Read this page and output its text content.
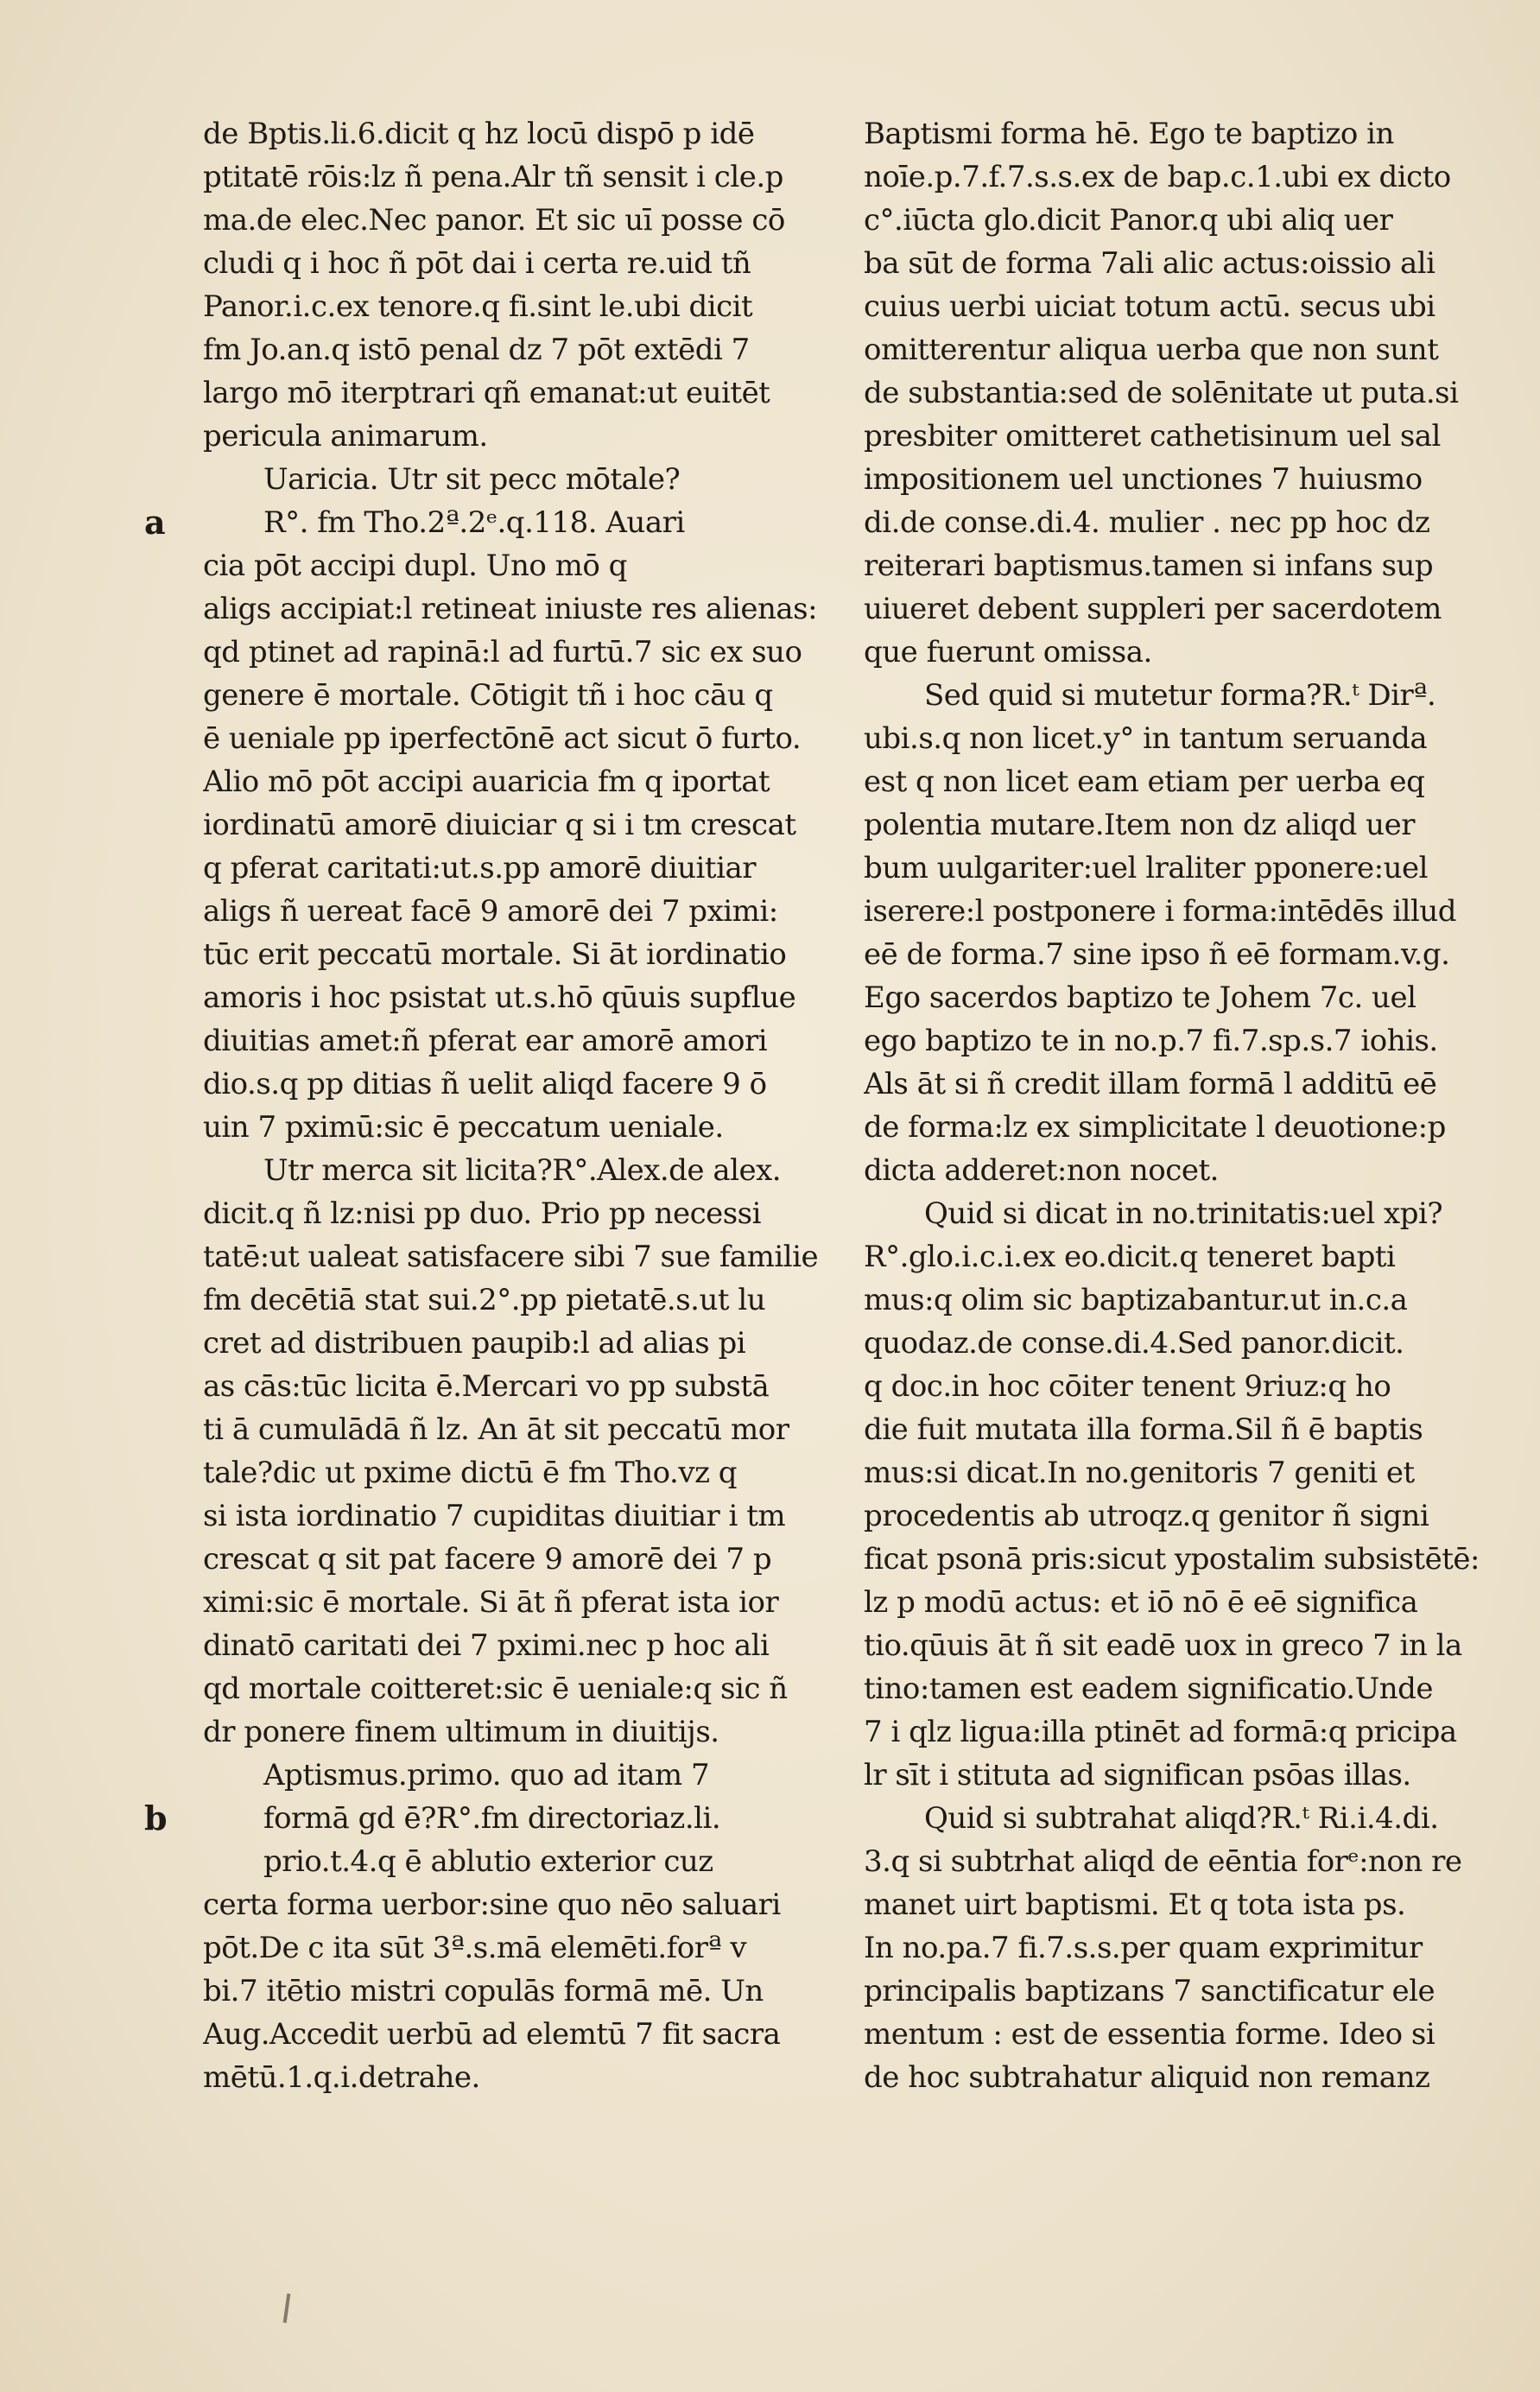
a
b
de Bptis.li.6.dicit q hz locū dispō p idē
ptitatē rōis:lz ñ pena.Alr tñ sensit i cle.p
ma.de elec.Nec panor. Et sic uī posse cō
cludi q i hoc ñ pōt dai i certa re.uid tñ
Panor.i.c.ex tenore.q fi.sint le.ubi dicit
fm Jo.an.q istō penal dz 7 pōt extēdi 7
largo mō iterptrari qñ emanat:ut euitēt
pericula animarum.
Uaricia. Utr sit pecc mōtale?
R°. fm Tho.2ª.2ᵉ.q.118. Auari
cia pōt accipi dupl. Uno mō q
aligs accipiat:l retineat iniuste res alienas:
qd ptinet ad rapinā:l ad furtū.7 sic ex suo
genere ē mortale. Cōtigit tñ i hoc cāu q
ē ueniale pp iperfectōnē act sicut ō furto.
Alio mō pōt accipi auaricia fm q iportat
iordinatū amorē diuiciar q si i tm crescat
q pferat caritati:ut.s.pp amorē diuitiar
aligs ñ uereat facē 9 amorē dei 7 pximi:
tūc erit peccatū mortale. Si āt iordinatio
amoris i hoc psistat ut.s.hō qūuis supflue
diuitias amet:ñ pferat ear amorē amori
dio.s.q pp ditias ñ uelit aliqd facere 9 ō
uin 7 pximū:sic ē peccatum ueniale.
Utr merca sit licita?R°.Alex.de alex.
dicit.q ñ lz:nisi pp duo. Prio pp necessi
tatē:ut ualeat satisfacere sibi 7 sue familie
fm decētiā stat sui.2°.pp pietatē.s.ut lu
cret ad distribuen paupib:l ad alias pi
as cās:tūc licita ē.Mercari vo pp substā
ti ā cumulādā ñ lz. An āt sit peccatū mor
tale?dic ut pxime dictū ē fm Tho.vz q
si ista iordinatio 7 cupiditas diuitiar i tm
crescat q sit pat facere 9 amorē dei 7 p
ximi:sic ē mortale. Si āt ñ pferat ista ior
dinatō caritati dei 7 pximi.nec p hoc ali
qd mortale coitteret:sic ē ueniale:q sic ñ
dr ponere finem ultimum in diuitijs.
Aptismus.primo. quo ad itam 7
formā gd ē?R°.fm directoriaz.li.
prio.t.4.q ē ablutio exterior cuz
certa forma uerbor:sine quo nēo saluari
pōt.De c ita sūt 3ª.s.mā elemēti.forª v
bi.7 itētio mistri copulās formā mē. Un
Aug.Accedit uerbū ad elemtū 7 fit sacra
mētū.1.q.i.detrahe.
Baptismi forma hē. Ego te baptizo in
noīe.p.7.f.7.s.s.ex de bap.c.1.ubi ex dicto
c°.iūcta glo.dicit Panor.q ubi aliq uer
ba sūt de forma 7ali alic actus:oissio ali
cuius uerbi uiciat totum actū. secus ubi
omitterentur aliqua uerba que non sunt
de substantia:sed de solēnitate ut puta.si
presbiter omitteret cathetisinum uel sal
impositionem uel unctiones 7 huiusmo
di.de conse.di.4. mulier . nec pp hoc dz
reiterari baptismus.tamen si infans sup
uiueret debent suppleri per sacerdotem
que fuerunt omissa.
Sed quid si mutetur forma?R.ᵗ Dirª.
ubi.s.q non licet.y° in tantum seruanda
est q non licet eam etiam per uerba eq
polentia mutare.Item non dz aliqd uer
bum uulgariter:uel lraliter pponere:uel
iserere:l postponere i forma:intēdēs illud
eē de forma.7 sine ipso ñ eē formam.v.g.
Ego sacerdos baptizo te Johem 7c. uel
ego baptizo te in no.p.7 fi.7.sp.s.7 iohis.
Als āt si ñ credit illam formā l additū eē
de forma:lz ex simplicitate l deuotione:p
dicta adderet:non nocet.
Quid si dicat in no.trinitatis:uel xpi?
R°.glo.i.c.i.ex eo.dicit.q teneret bapti
mus:q olim sic baptizabantur.ut in.c.a
quodaz.de conse.di.4.Sed panor.dicit.
q doc.in hoc cōiter tenent 9riuz:q ho
die fuit mutata illa forma.Sil ñ ē baptis
mus:si dicat.In no.genitoris 7 geniti et
procedentis ab utroqz.q genitor ñ signi
ficat psonā pris:sicut ypostalim subsistētē:
lz p modū actus: et iō nō ē eē significa
tio.qūuis āt ñ sit eadē uox in greco 7 in la
tino:tamen est eadem significatio.Unde
7 i qlz ligua:illa ptinēt ad formā:q pricipa
lr sīt i stituta ad significan psōas illas.
Quid si subtrahat aliqd?R.ᵗ Ri.i.4.di.
3.q si subtrhat aliqd de eēntia forᵉ:non re
manet uirt baptismi. Et q tota ista ps.
In no.pa.7 fi.7.s.s.per quam exprimitur
principalis baptizans 7 sanctificatur ele
mentum : est de essentia forme. Ideo si
de hoc subtrahatur aliquid non remanz
